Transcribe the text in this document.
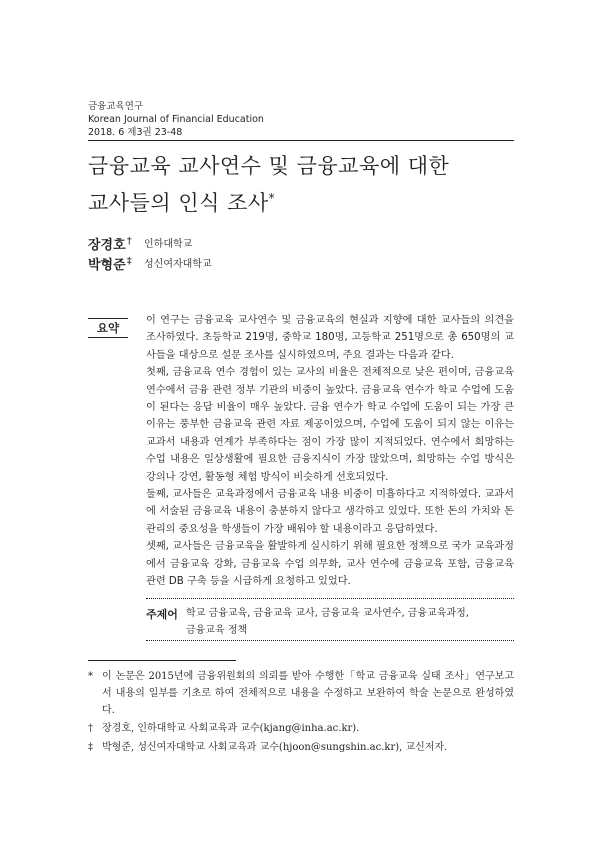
금융교육연구
Korean Journal of Financial Education
2018. 6 제3권 23-48
금융교육 교사연수 및 금융교육에 대한
교사들의 인식 조사*
장경호† 인하대학교
박형준‡ 성신여자대학교
요약

이 연구는 금융교육 교사연수 및 금융교육의 현실과 지향에 대한 교사들의 의견을 조사하였다. 초등학교 219명, 중학교 180명, 고등학교 251명으로 총 650명의 교사들을 대상으로 설문 조사를 실시하였으며, 주요 결과는 다음과 같다.

첫째, 금융교육 연수 경험이 있는 교사의 비율은 전체적으로 낮은 편이며, 금융교육 연수에서 금융 관련 정부 기관의 비중이 높았다. 금융교육 연수가 학교 수업에 도움이 된다는 응답 비율이 매우 높았다. 금융 연수가 학교 수업에 도움이 되는 가장 큰 이유는 풍부한 금융교육 관련 자료 제공이었으며, 수업에 도움이 되지 않는 이유는 교과서 내용과 연계가 부족하다는 점이 가장 많이 지적되었다. 연수에서 희망하는 수업 내용은 일상생활에 필요한 금융지식이 가장 많았으며, 희망하는 수업 방식은 강의나 강연, 활동형 체험 방식이 비슷하게 선호되었다.

둘째, 교사들은 교육과정에서 금융교육 내용 비중이 미흡하다고 지적하였다. 교과서에 서술된 금융교육 내용이 충분하지 않다고 생각하고 있었다. 또한 돈의 가치와 돈 관리의 중요성을 학생들이 가장 배워야 할 내용이라고 응답하였다.

셋째, 교사들은 금융교육을 활발하게 실시하기 위해 필요한 정책으로 국가 교육과정에서 금융교육 강화, 금융교육 수업 의무화, 교사 연수에 금융교육 포함, 금융교육 관련 DB 구축 등을 시급하게 요청하고 있었다.

주제어 학교 금융교육, 금융교육 교사, 금융교육 교사연수, 금융교육과정,
금융교육 정책
* 이 논문은 2015년에 금융위원회의 의뢰를 받아 수행한「학교 금융교육 실태 조사」연구보고서 내용의 일부를 기초로 하여 전체적으로 내용을 수정하고 보완하여 학술 논문으로 완성하였다.
† 장경호, 인하대학교 사회교육과 교수(kjang@inha.ac.kr).
‡ 박형준, 성신여자대학교 사회교육과 교수(hjoon@sungshin.ac.kr), 교신저자.
